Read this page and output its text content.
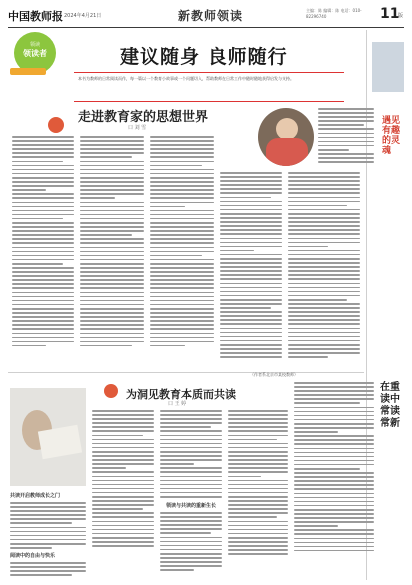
中国教师报 2024年4月21日	新教师领读	主编：陈 编辑：陈 电话：010-82296740	11
版
领读
领读者	建议随身 良师随行
本书为教师的日常阅读而作，每一篇以一个教育小故事或一个问题切入，帮助教师在日常工作中随时随地获得启发与支持。
走进教育家的思想世界
口 刘 雪
（作者系北京市某校教师）
遇见有趣的灵魂
在重读中常读常新
为洞见教育本质而共读
口 王 婷
共读开启教师成长之门
阅读中的自由与快乐
领读与共读的重新生长
